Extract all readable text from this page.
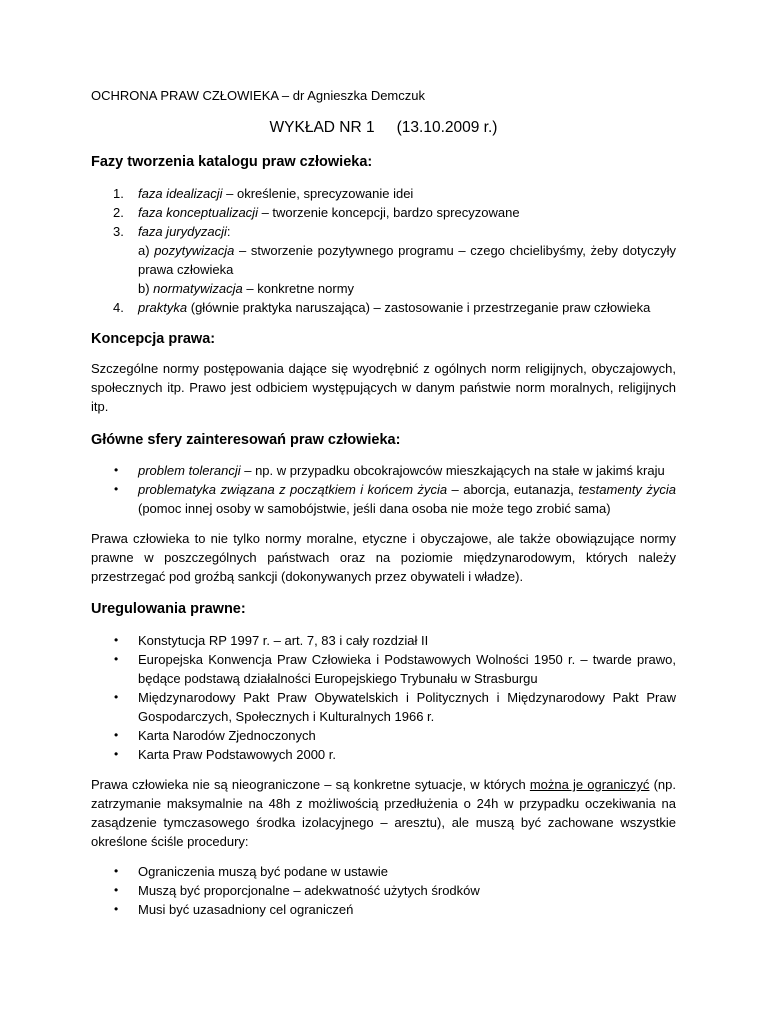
OCHRONA PRAW CZŁOWIEKA – dr Agnieszka Demczuk
WYKŁAD NR 1 (13.10.2009 r.)
Fazy tworzenia katalogu praw człowieka:
1. faza idealizacji – określenie, sprecyzowanie idei
2. faza konceptualizacji – tworzenie koncepcji, bardzo sprecyzowane
3. faza jurydyzacji:
a) pozytywizacja – stworzenie pozytywnego programu – czego chcielibyśmy, żeby dotyczyły prawa człowieka
b) normatywizacja – konkretne normy
4. praktyka (głównie praktyka naruszająca) – zastosowanie i przestrzeganie praw człowieka
Koncepcja prawa:

Szczególne normy postępowania dające się wyodrębnić z ogólnych norm religijnych, obyczajowych, społecznych itp. Prawo jest odbiciem występujących w danym państwie norm moralnych, religijnych itp.

Główne sfery zainteresowań praw człowieka:
• problem tolerancji – np. w przypadku obcokrajowców mieszkających na stałe w jakimś kraju
• problematyka związana z początkiem i końcem życia – aborcja, eutanazja, testamenty życia (pomoc innej osoby w samobójstwie, jeśli dana osoba nie może tego zrobić sama)

Prawa człowieka to nie tylko normy moralne, etyczne i obyczajowe, ale także obowiązujące normy prawne w poszczególnych państwach oraz na poziomie międzynarodowym, których należy przestrzegać pod groźbą sankcji (dokonywanych przez obywateli i władze).

Uregulowania prawne:
• Konstytucja RP 1997 r. – art. 7, 83 i cały rozdział II
• Europejska Konwencja Praw Człowieka i Podstawowych Wolności 1950 r. – twarde prawo, będące podstawą działalności Europejskiego Trybunału w Strasburgu
• Międzynarodowy Pakt Praw Obywatelskich i Politycznych i Międzynarodowy Pakt Praw Gospodarczych, Społecznych i Kulturalnych 1966 r.
• Karta Narodów Zjednoczonych
• Karta Praw Podstawowych 2000 r.

Prawa człowieka nie są nieograniczone – są konkretne sytuacje, w których można je ograniczyć (np. zatrzymanie maksymalnie na 48h z możliwością przedłużenia o 24h w przypadku oczekiwania na zasądzenie tymczasowego środka izolacyjnego – aresztu), ale muszą być zachowane wszystkie określone ściśle procedury:

• Ograniczenia muszą być podane w ustawie
• Muszą być proporcjonalne – adekwatność użytych środków
• Musi być uzasadniony cel ograniczeń
